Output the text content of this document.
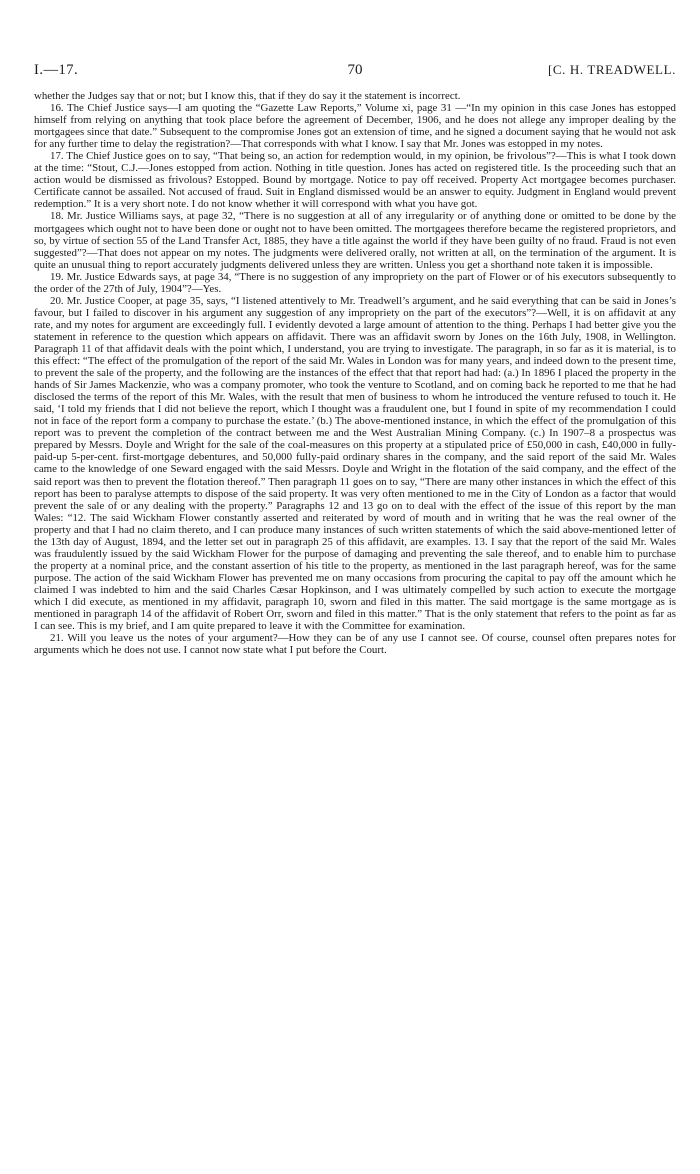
I.—17.	70	[C. H. TREADWELL.

whether the Judges say that or not; but I know this, that if they do say it the statement is incorrect.

16. The Chief Justice says—I am quoting the “Gazette Law Reports,” Volume xi, page 31 —“In my opinion in this case Jones has estopped himself from relying on anything that took place before the agreement of December, 1906, and he does not allege any improper dealing by the mortgagees since that date.” Subsequent to the compromise Jones got an extension of time, and he signed a document saying that he would not ask for any further time to delay the registration?—That corresponds with what I know. I say that Mr. Jones was estopped in my notes.

17. The Chief Justice goes on to say, “That being so, an action for redemption would, in my opinion, be frivolous”?—This is what I took down at the time: “Stout, C.J.—Jones estopped from action. Nothing in title question. Jones has acted on registered title. Is the proceeding such that an action would be dismissed as frivolous? Estopped. Bound by mortgage. Notice to pay off received. Property Act mortgagee becomes purchaser. Certificate cannot be assailed. Not accused of fraud. Suit in England dismissed would be an answer to equity. Judgment in England would prevent redemption.” It is a very short note. I do not know whether it will correspond with what you have got.

18. Mr. Justice Williams says, at page 32, “There is no suggestion at all of any irregularity or of anything done or omitted to be done by the mortgagees which ought not to have been done or ought not to have been omitted. The mortgagees therefore became the registered proprietors, and so, by virtue of section 55 of the Land Transfer Act, 1885, they have a title against the world if they have been guilty of no fraud. Fraud is not even suggested”?—That does not appear on my notes. The judgments were delivered orally, not written at all, on the termination of the argument. It is quite an unusual thing to report accurately judgments delivered unless they are written. Unless you get a shorthand note taken it is impossible.

19. Mr. Justice Edwards says, at page 34, “There is no suggestion of any impropriety on the part of Flower or of his executors subsequently to the order of the 27th of July, 1904”?—Yes.

20. Mr. Justice Cooper, at page 35, says, “I listened attentively to Mr. Treadwell’s argument, and he said everything that can be said in Jones’s favour, but I failed to discover in his argument any suggestion of any impropriety on the part of the executors”?—Well, it is on affidavit at any rate, and my notes for argument are exceedingly full. I evidently devoted a large amount of attention to the thing. Perhaps I had better give you the statement in reference to the question which appears on affidavit. There was an affidavit sworn by Jones on the 16th July, 1908, in Wellington. Paragraph 11 of that affidavit deals with the point which, I understand, you are trying to investigate. The paragraph, in so far as it is material, is to this effect: “The effect of the promulgation of the report of the said Mr. Wales in London was for many years, and indeed down to the present time, to prevent the sale of the property, and the following are the instances of the effect that that report had had: (a.) In 1896 I placed the property in the hands of Sir James Mackenzie, who was a company promoter, who took the venture to Scotland, and on coming back he reported to me that he had disclosed the terms of the report of this Mr. Wales, with the result that men of business to whom he introduced the venture refused to touch it. He said, ‘I told my friends that I did not believe the report, which I thought was a fraudulent one, but I found in spite of my recommendation I could not in face of the report form a company to purchase the estate.’ (b.) The above-mentioned instance, in which the effect of the promulgation of this report was to prevent the completion of the contract between me and the West Australian Mining Company. (c.) In 1907–8 a prospectus was prepared by Messrs. Doyle and Wright for the sale of the coal-measures on this property at a stipulated price of £50,000 in cash, £40,000 in fully-paid-up 5-per-cent. first-mortgage debentures, and 50,000 fully-paid ordinary shares in the company, and the said report of the said Mr. Wales came to the knowledge of one Seward engaged with the said Messrs. Doyle and Wright in the flotation of the said company, and the effect of the said report was then to prevent the flotation thereof.” Then paragraph 11 goes on to say, “There are many other instances in which the effect of this report has been to paralyse attempts to dispose of the said property. It was very often mentioned to me in the City of London as a factor that would prevent the sale of or any dealing with the property.” Paragraphs 12 and 13 go on to deal with the effect of the issue of this report by the man Wales: “12. The said Wickham Flower constantly asserted and reiterated by word of mouth and in writing that he was the real owner of the property and that I had no claim thereto, and I can produce many instances of such written statements of which the said above-mentioned letter of the 13th day of August, 1894, and the letter set out in paragraph 25 of this affidavit, are examples. 13. I say that the report of the said Mr. Wales was fraudulently issued by the said Wickham Flower for the purpose of damaging and preventing the sale thereof, and to enable him to purchase the property at a nominal price, and the constant assertion of his title to the property, as mentioned in the last paragraph hereof, was for the same purpose. The action of the said Wickham Flower has prevented me on many occasions from procuring the capital to pay off the amount which he claimed I was indebted to him and the said Charles Cæsar Hopkinson, and I was ultimately compelled by such action to execute the mortgage which I did execute, as mentioned in my affidavit, paragraph 10, sworn and filed in this matter. The said mortgage is the same mortgage as is mentioned in paragraph 14 of the affidavit of Robert Orr, sworn and filed in this matter.” That is the only statement that refers to the point as far as I can see. This is my brief, and I am quite prepared to leave it with the Committee for examination.

21. Will you leave us the notes of your argument?—How they can be of any use I cannot see. Of course, counsel often prepares notes for arguments which he does not use. I cannot now state what I put before the Court.
